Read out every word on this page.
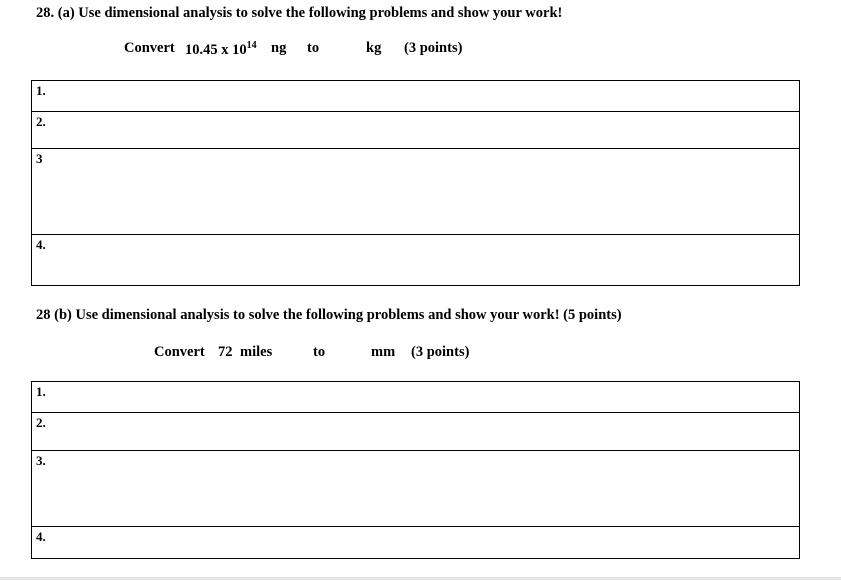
28. (a) Use dimensional analysis to solve the following problems and show your work!
Convert 10.45 x $10^{14}$ ng to	kg (3 points)
1.
2.
3
4.
28 (b) Use dimensional analysis to solve the following problems and show your work! (5 points)
Convert 72 miles	to	mm (3 points)
1.
2.
3.
4.
